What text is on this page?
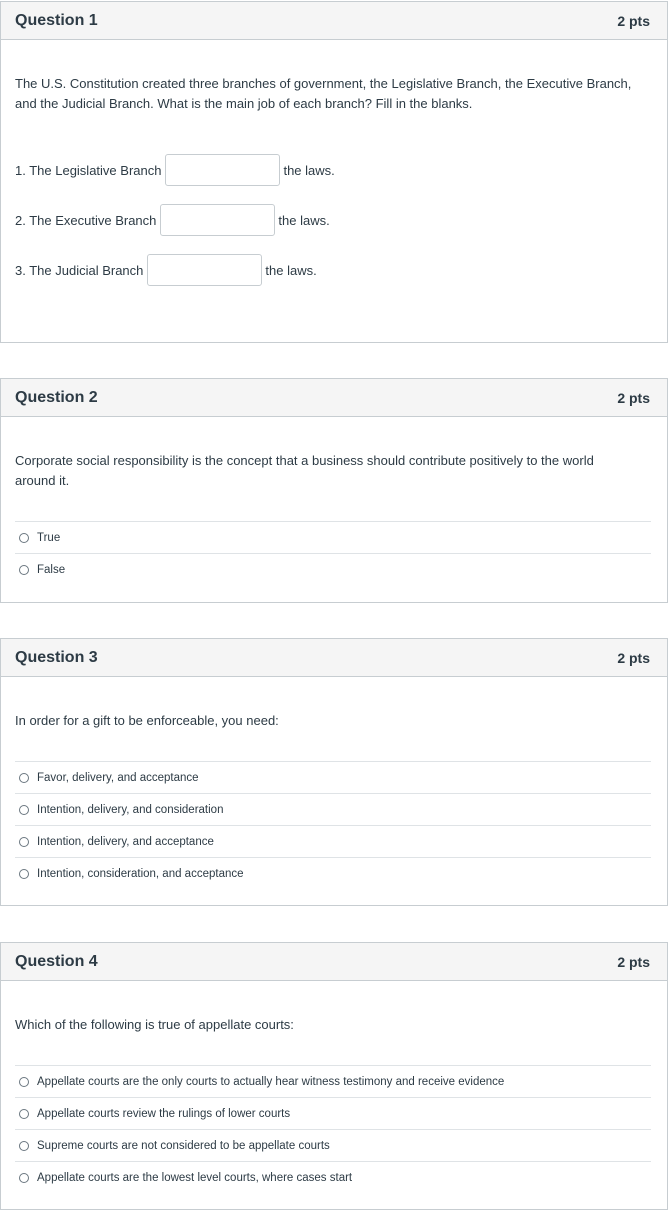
Question 1	2 pts
The U.S. Constitution created three branches of government, the Legislative Branch, the Executive Branch, and the Judicial Branch. What is the main job of each branch? Fill in the blanks.
1. The Legislative Branch	the laws.
2. The Executive Branch	the laws.
3. The Judicial Branch	the laws.
Question 2	2 pts
Corporate social responsibility is the concept that a business should contribute positively to the world around it.
True
False
Question 3	2 pts
In order for a gift to be enforceable, you need:
Favor, delivery, and acceptance
Intention, delivery, and consideration
Intention, delivery, and acceptance
Intention, consideration, and acceptance
Question 4	2 pts
Which of the following is true of appellate courts:
Appellate courts are the only courts to actually hear witness testimony and receive evidence
Appellate courts review the rulings of lower courts
Supreme courts are not considered to be appellate courts
Appellate courts are the lowest level courts, where cases start
